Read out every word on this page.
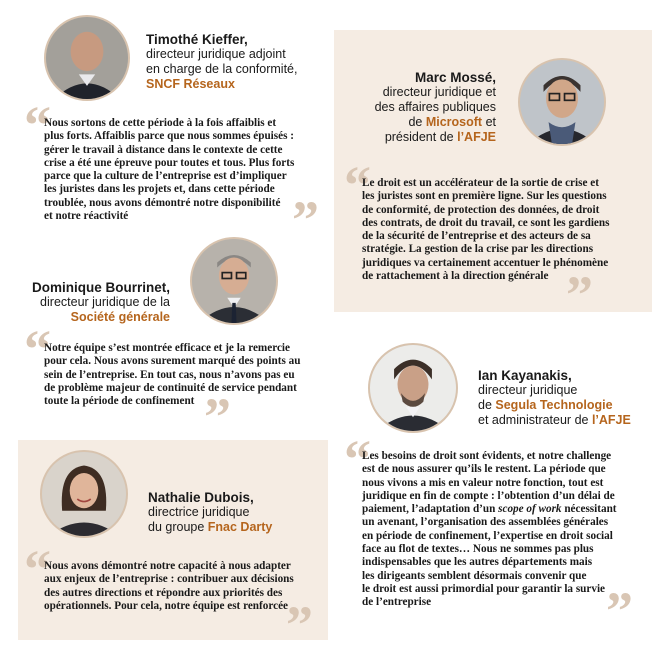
Timothé Kieffer,
directeur juridique adjoint
en charge de la conformité,
SNCF Réseaux
“
Nous sortons de cette période à la fois affaiblis et
plus forts. Affaiblis parce que nous sommes épuisés :
gérer le travail à distance dans le contexte de cette
crise a été une épreuve pour toutes et tous. Plus forts
parce que la culture de l’entreprise est d’impliquer
les juristes dans les projets et, dans cette période
troublée, nous avons démontré notre disponibilité
et notre réactivité	”
Marc Mossé,
directeur juridique et
des affaires publiques
de Microsoft et
président de l’AFJE
“
Le droit est un accélérateur de la sortie de crise et
les juristes sont en première ligne. Sur les questions
de conformité, de protection des données, de droit
des contrats, de droit du travail, ce sont les gardiens
de la sécurité de l’entreprise et des acteurs de sa
stratégie. La gestion de la crise par les directions
juridiques va certainement accentuer le phénomène
de rattachement à la direction générale ”
Dominique Bourrinet,
directeur juridique de la
Société générale
“
Notre équipe s’est montrée efficace et je la remercie
pour cela. Nous avons surement marqué des points au
sein de l’entreprise. En tout cas, nous n’avons pas eu
de problème majeur de continuité de service pendant
toute la période de confinement ”
Ian Kayanakis,
directeur juridique
de Segula Technologie
et administrateur de l’AFJE
“
Les besoins de droit sont évidents, et notre challenge
est de nous assurer qu’ils le restent. La période que
nous vivons a mis en valeur notre fonction, tout est
juridique en fin de compte : l’obtention d’un délai de
paiement, l’adaptation d’un scope of work nécessitant
un avenant, l’organisation des assemblées générales
en période de confinement, l’expertise en droit social
face au flot de textes… Nous ne sommes pas plus
indispensables que les autres départements mais
les dirigeants semblent désormais convenir que
le droit est aussi primordial pour garantir la survie
de l’entreprise	”
Nathalie Dubois,
directrice juridique
du groupe Fnac Darty
“
Nous avons démontré notre capacité à nous adapter
aux enjeux de l’entreprise : contribuer aux décisions
des autres directions et répondre aux priorités des
opérationnels. Pour cela, notre équipe est renforcée
”
